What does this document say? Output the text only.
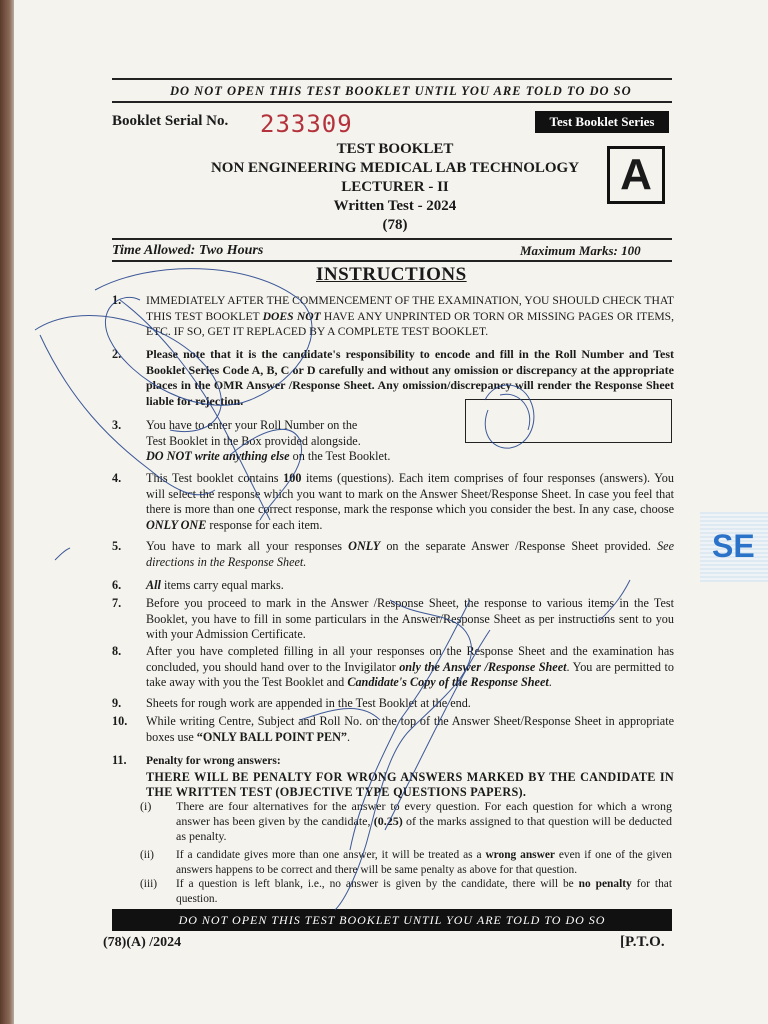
DO NOT OPEN THIS TEST BOOKLET UNTIL YOU ARE TOLD TO DO SO
Booklet Serial No. 233309	Test Booklet Series
A
TEST BOOKLET
NON ENGINEERING MEDICAL LAB TECHNOLOGY
LECTURER - II
Written Test - 2024
(78)
Time Allowed: Two Hours	Maximum Marks: 100
INSTRUCTIONS
1.	IMMEDIATELY AFTER THE COMMENCEMENT OF THE EXAMINATION, YOU SHOULD CHECK THAT THIS TEST BOOKLET DOES NOT HAVE ANY UNPRINTED OR TORN OR MISSING PAGES OR ITEMS, ETC. IF SO, GET IT REPLACED BY A COMPLETE TEST BOOKLET.
2.	Please note that it is the candidate's responsibility to encode and fill in the Roll Number and Test Booklet Series Code A, B, C or D carefully and without any omission or discrepancy at the appropriate places in the OMR Answer /Response Sheet. Any omission/discrepancy will render the Response Sheet liable for rejection.
3.	You have to enter your Roll Number on the
Test Booklet in the Box provided alongside.
DO NOT write anything else on the Test Booklet.
4.	This Test booklet contains 100 items (questions). Each item comprises of four responses (answers). You will select the response which you want to mark on the Answer Sheet/Response Sheet. In case you feel that there is more than one correct response, mark the response which you consider the best. In any case, choose ONLY ONE response for each item.
5.	You have to mark all your responses ONLY on the separate Answer /Response Sheet provided. See directions in the Response Sheet.
6.	All items carry equal marks.
7.	Before you proceed to mark in the Answer /Response Sheet, the response to various items in the Test Booklet, you have to fill in some particulars in the Answer/Response Sheet as per instructions sent to you with your Admission Certificate.
8.	After you have completed filling in all your responses on the Response Sheet and the examination has concluded, you should hand over to the Invigilator only the Answer /Response Sheet. You are permitted to take away with you the Test Booklet and Candidate's Copy of the Response Sheet.
9.	Sheets for rough work are appended in the Test Booklet at the end.
10.	While writing Centre, Subject and Roll No. on the top of the Answer Sheet/Response Sheet in appropriate boxes use “ONLY BALL POINT PEN”.
11.	Penalty for wrong answers:
THERE WILL BE PENALTY FOR WRONG ANSWERS MARKED BY THE CANDIDATE IN THE WRITTEN TEST (OBJECTIVE TYPE QUESTIONS PAPERS).
(i) There are four alternatives for the answer to every question. For each question for which a wrong answer has been given by the candidate, (0.25) of the marks assigned to that question will be deducted as penalty.
(ii) If a candidate gives more than one answer, it will be treated as a wrong answer even if one of the given answers happens to be correct and there will be same penalty as above for that question.
(iii) If a question is left blank, i.e., no answer is given by the candidate, there will be no penalty for that question.
DO NOT OPEN THIS TEST BOOKLET UNTIL YOU ARE TOLD TO DO SO
(78)(A) /2024	[P.T.O.
SE
